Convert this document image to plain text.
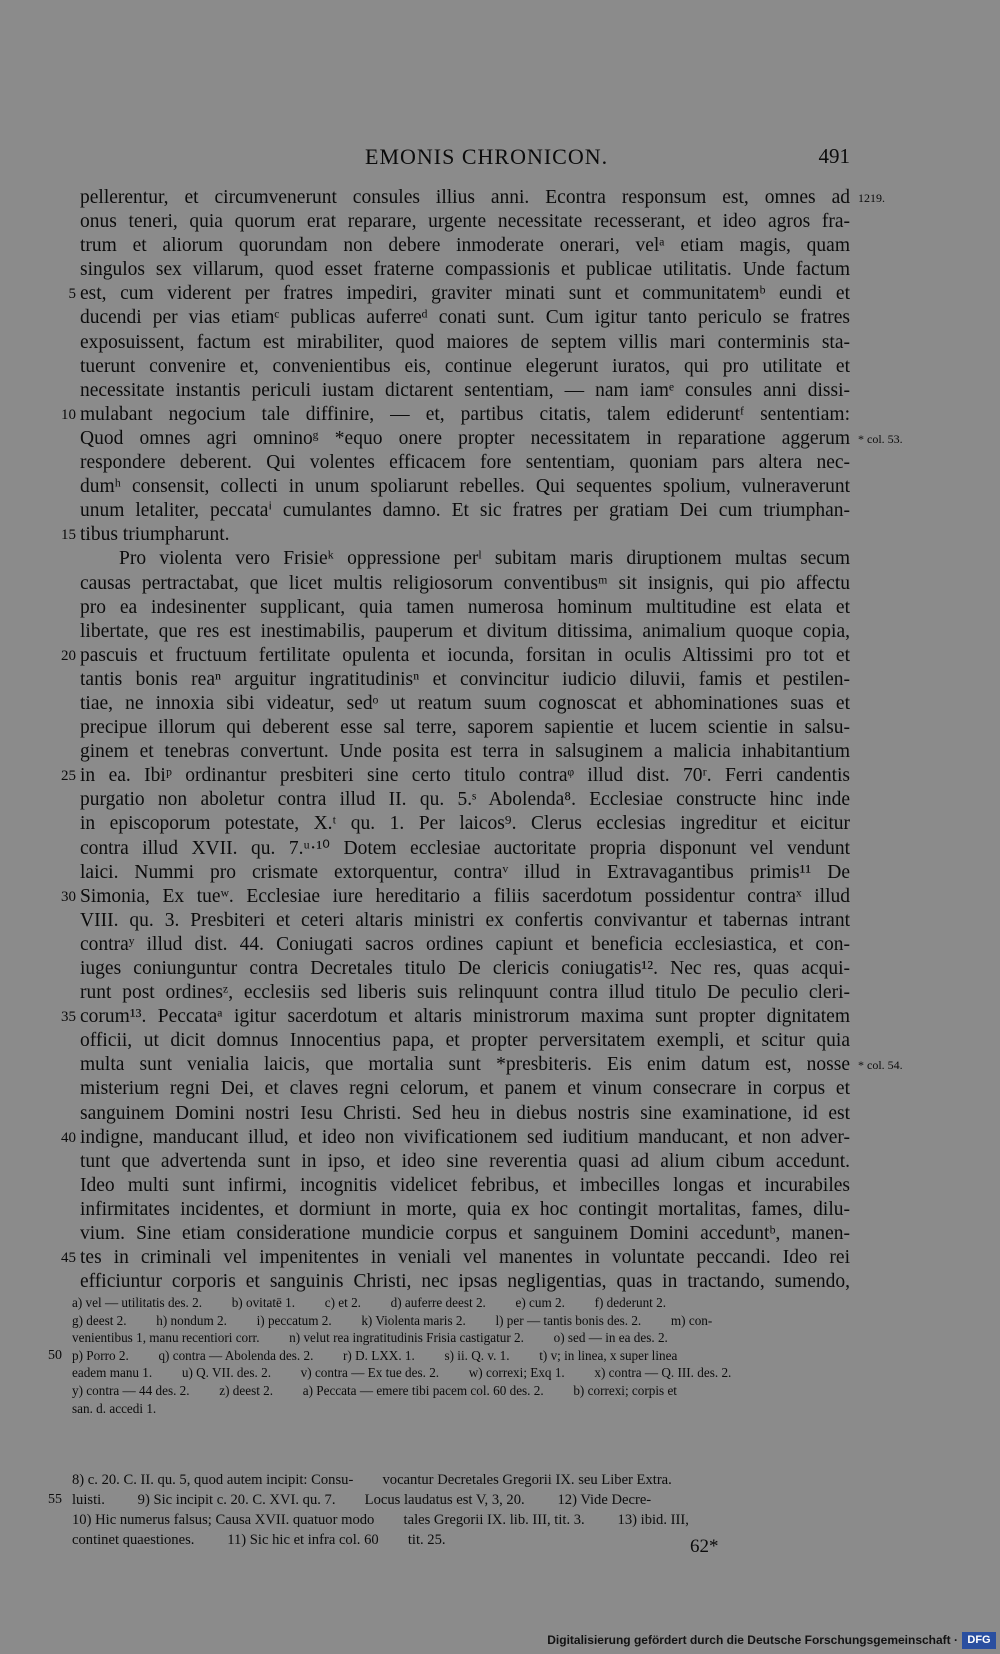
EMONIS CHRONICON.	491
pellerentur, et circumvenerunt consules illius anni. Econtra responsum est, omnes ad 1219.
onus teneri, quia quorum erat reparare, urgente necessitate recesserant, et ideo agros fra-
trum et aliorum quorundam non debere inmoderate onerari, velᵃ etiam magis, quam
singulos sex villarum, quod esset fraterne compassionis et publicae utilitatis. Unde factum
5 est, cum viderent per fratres impediri, graviter minati sunt et communitatemᵇ eundi et
ducendi per vias etiamᶜ publicas auferreᵈ conati sunt. Cum igitur tanto periculo se fratres
exposuissent, factum est mirabiliter, quod maiores de septem villis mari conterminis sta-
tuerunt convenire et, convenientibus eis, continue elegerunt iuratos, qui pro utilitate et
necessitate instantis periculi iustam dictarent sententiam, — nam iamᵉ consules anni dissi-
10 mulabant negocium tale diffinire, — et, partibus citatis, talem edideruntᶠ sententiam:
Quod omnes agri omninoᵍ *equo onere propter necessitatem in reparatione aggerum * col. 53.
respondere deberent. Qui volentes efficacem fore sententiam, quoniam pars altera nec-
dumʰ consensit, collecti in unum spoliarunt rebelles. Qui sequentes spolium, vulneraverunt
unum letaliter, peccataⁱ cumulantes damno. Et sic fratres per gratiam Dei cum triumphan-
15 tibus triumpharunt.
  Pro violenta vero Frisieᵏ oppressione perˡ subitam maris diruptionem multas secum
causas pertractabat, que licet multis religiosorum conventibusᵐ sit insignis, qui pio affectu
pro ea indesinenter supplicant, quia tamen numerosa hominum multitudine est elata et
libertate, que res est inestimabilis, pauperum et divitum ditissima, animalium quoque copia,
20 pascuis et fructuum fertilitate opulenta et iocunda, forsitan in oculis Altissimi pro tot et
tantis bonis reaⁿ arguitur ingratitudinisⁿ et convincitur iudicio diluvii, famis et pestilen-
tiae, ne innoxia sibi videatur, sedᵒ ut reatum suum cognoscat et abhominationes suas et
precipue illorum qui deberent esse sal terre, saporem sapientie et lucem scientie in salsu-
ginem et tenebras convertunt. Unde posita est terra in salsuginem a malicia inhabitantium
25 in ea. Ibiᵖ ordinantur presbiteri sine certo titulo contraᵠ illud dist. 70ʳ. Ferri candentis
purgatio non aboletur contra illud II. qu. 5.ˢ Abolenda⁸. Ecclesiae constructe hinc inde
in episcoporum potestate, X.ᵗ qu. 1. Per laicos⁹. Clerus ecclesias ingreditur et eicitur
contra illud XVII. qu. 7.ᵘ·¹⁰ Dotem ecclesiae auctoritate propria disponunt vel vendunt
laici. Nummi pro crismate extorquentur, contraᵛ illud in Extravagantibus primis¹¹ De
30 Simonia, Ex tueʷ. Ecclesiae iure hereditario a filiis sacerdotum possidentur contraˣ illud
VIII. qu. 3. Presbiteri et ceteri altaris ministri ex confertis convivantur et tabernas intrant
contraʸ illud dist. 44. Coniugati sacros ordines capiunt et beneficia ecclesiastica, et con-
iuges coniunguntur contra Decretales titulo De clericis coniugatis¹². Nec res, quas acqui-
runt post ordinesᶻ, ecclesiis sed liberis suis relinquunt contra illud titulo De peculio cleri-
35 corum¹³. Peccataᵃ igitur sacerdotum et altaris ministrorum maxima sunt propter dignitatem
officii, ut dicit domnus Innocentius papa, et propter perversitatem exempli, et scitur quia
multa sunt venialia laicis, que mortalia sunt *presbiteris. Eis enim datum est, nosse * col. 54.
misterium regni Dei, et claves regni celorum, et panem et vinum consecrare in corpus et
sanguinem Domini nostri Iesu Christi. Sed heu in diebus nostris sine examinatione, id est
40 indigne, manducant illud, et ideo non vivificationem sed iuditium manducant, et non adver-
tunt que advertenda sunt in ipso, et ideo sine reverentia quasi ad alium cibum accedunt.
Ideo multi sunt infirmi, incognitis videlicet febribus, et imbecilles longas et incurabiles
infirmitates incidentes, et dormiunt in morte, quia ex hoc contingit mortalitas, fames, dilu-
vium. Sine etiam consideratione mundicie corpus et sanguinem Domini acceduntᵇ, manen-
45 tes in criminali vel impenitentes in veniali vel manentes in voluntate peccandi. Ideo rei
efficiuntur corporis et sanguinis Christi, nec ipsas negligentias, quas in tractando, sumendo,
a) vel — utilitatis des. 2.   b) ovitatē 1.   c) et 2.   d) auferre deest 2.   e) cum 2.   f) dederunt 2.
g) deest 2.   h) nondum 2.   i) peccatum 2.   k) Violenta maris 2.   l) per — tantis bonis des. 2.   m) con-
venientibus 1, manu recentiori corr.   n) velut rea ingratitudinis Frisia castigatur 2.   o) sed — in ea des. 2.
50 p) Porro 2.   q) contra — Abolenda des. 2.   r) D. LXX. 1.   s) ii. Q. v. 1.   t) v; in linea, x super linea
eadem manu 1.   u) Q. VII. des. 2.   v) contra — Ex tue des. 2.   w) correxi; Exq 1.   x) contra — Q. III. des. 2.
y) contra — 44 des. 2.   z) deest 2.   a) Peccata — emere tibi pacem col. 60 des. 2.   b) correxi; corpis et
san. d. accedi 1.
8) c. 20. C. II. qu. 5, quod autem incipit: Consu-  vocantur Decretales Gregorii IX. seu Liber Extra.
55 luisti.   9) Sic incipit c. 20. C. XVI. qu. 7.  Locus laudatus est V, 3, 20.   12) Vide Decre-
10) Hic numerus falsus; Causa XVII. quatuor modo  tales Gregorii IX. lib. III, tit. 3.   13) ibid. III,
continet quaestiones.   11) Sic hic et infra col. 60  tit. 25.	62*
Digitalisierung gefördert durch die Deutsche Forschungsgemeinschaft · DFG
